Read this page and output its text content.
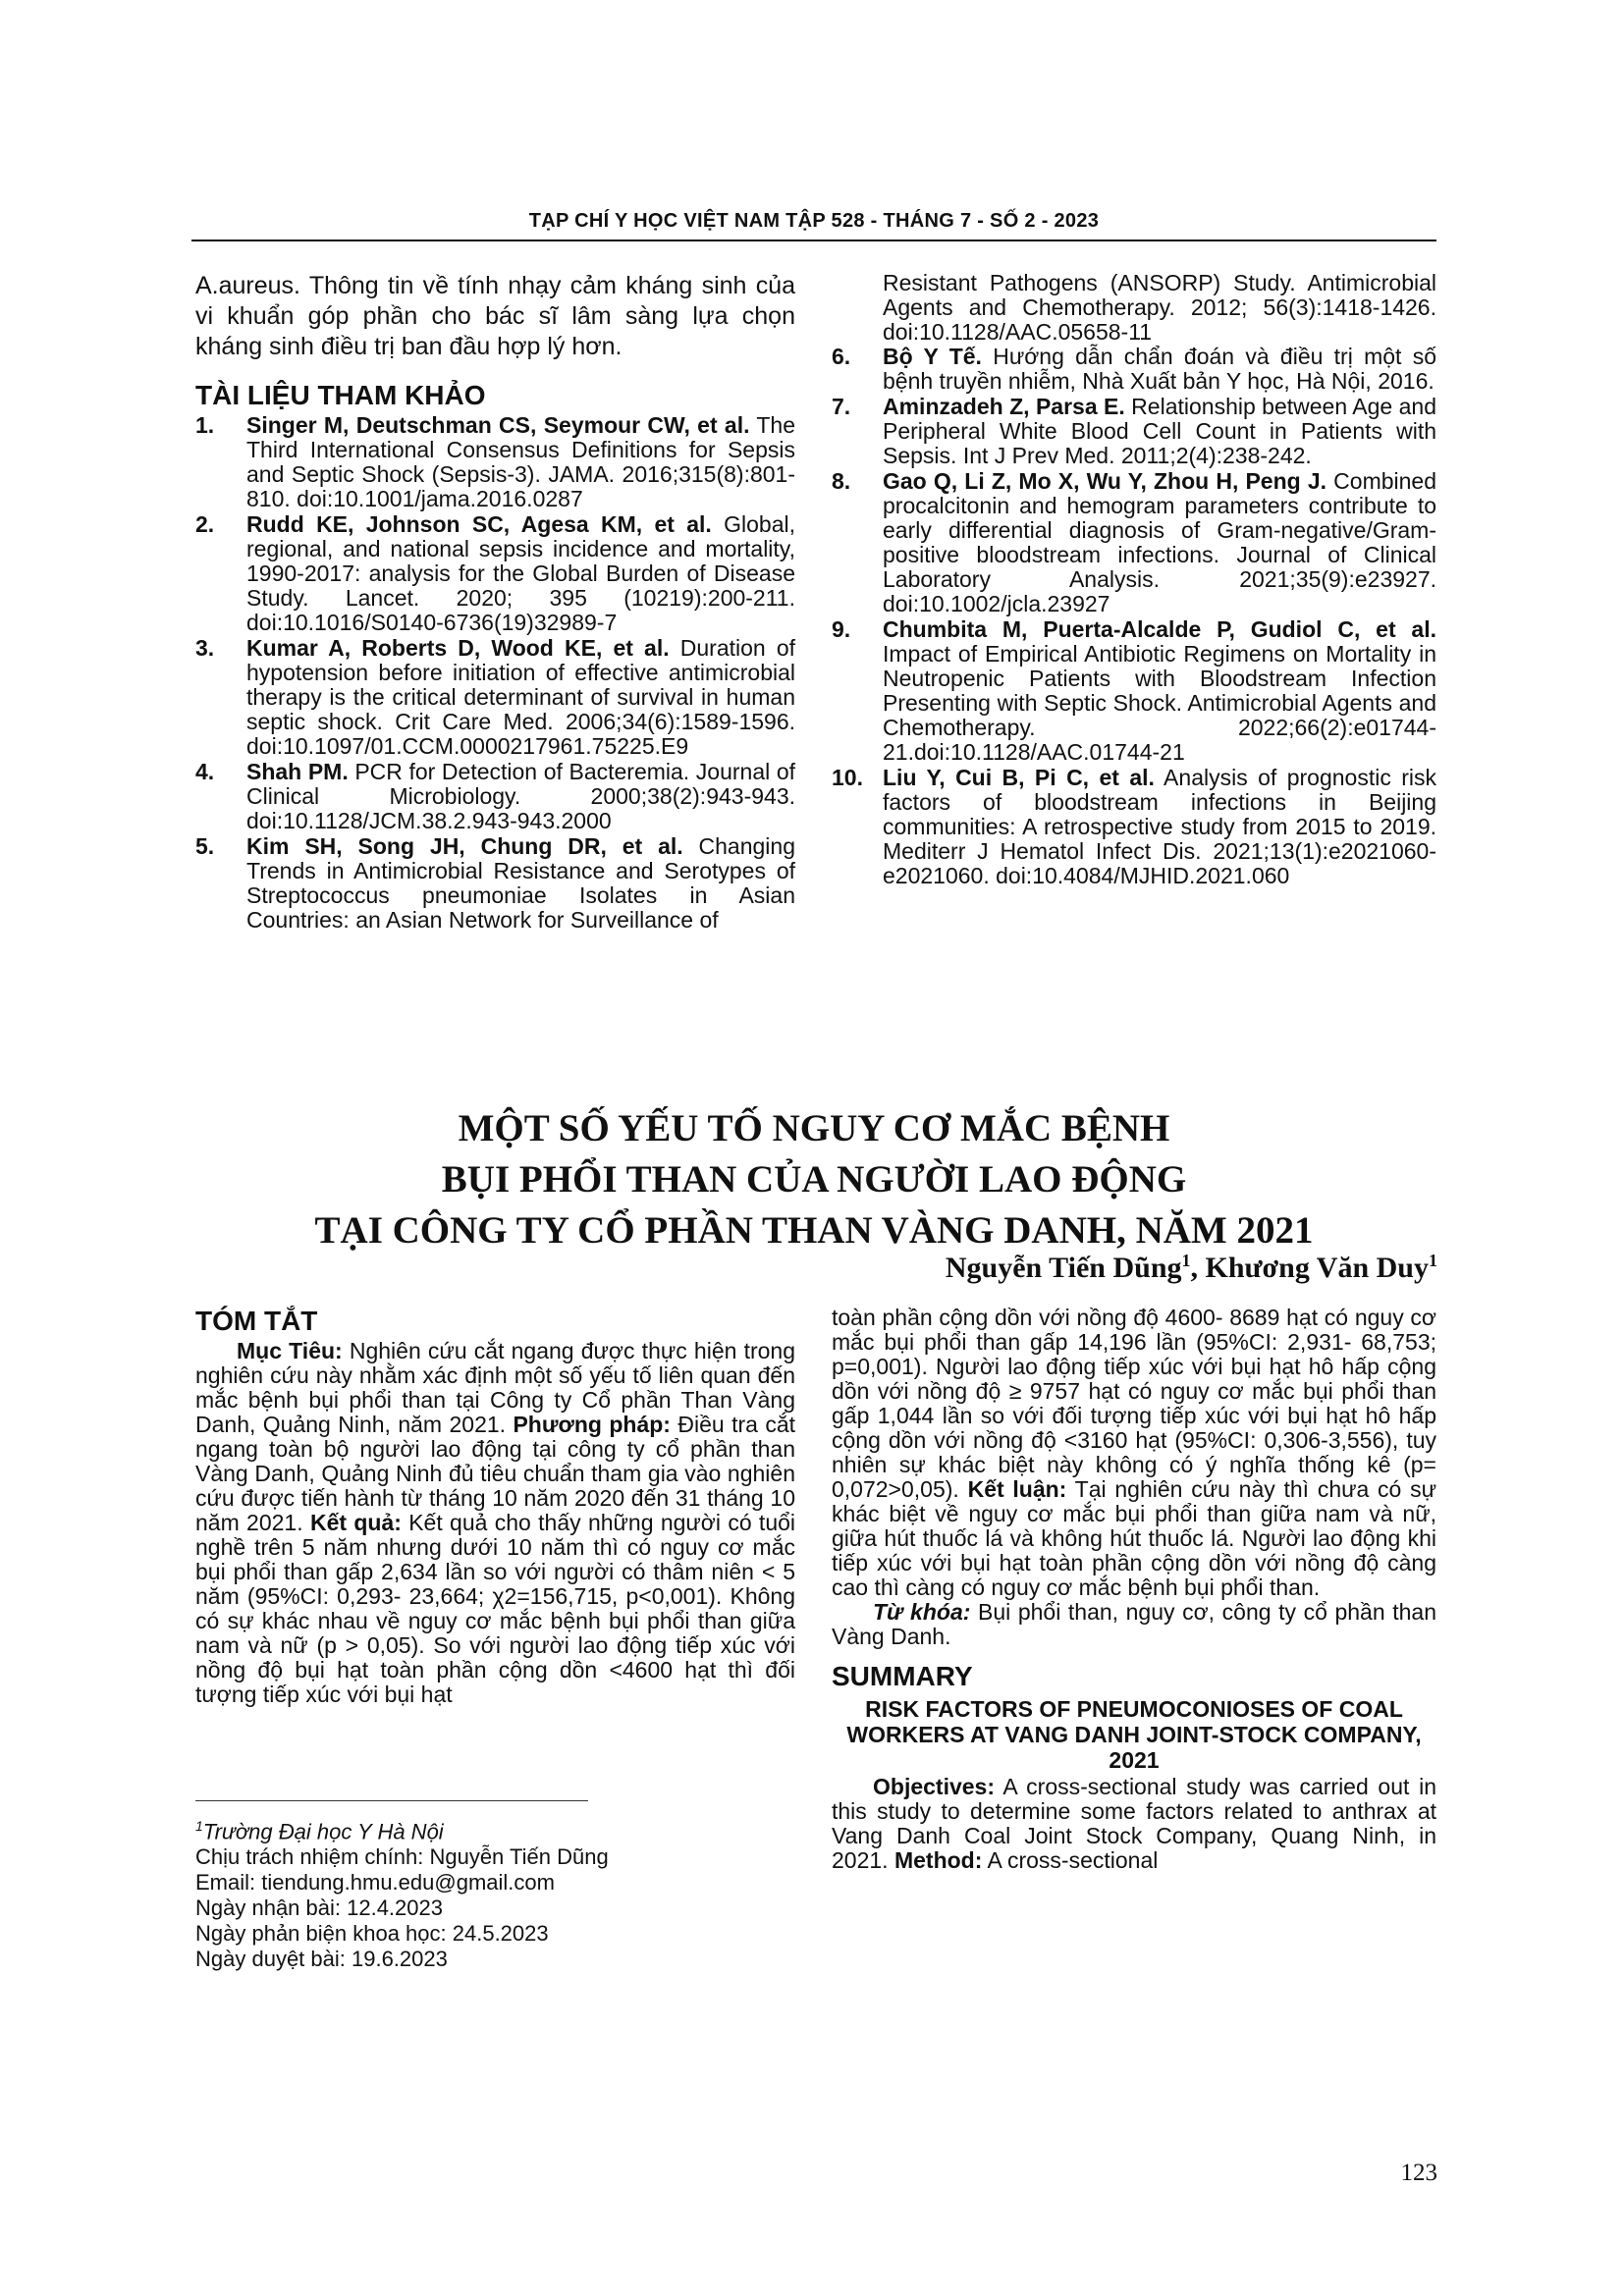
TẠP CHÍ Y HỌC VIỆT NAM TẬP 528 - THÁNG 7 - SỐ 2 - 2023

A.aureus. Thông tin về tính nhạy cảm kháng sinh của vi khuẩn góp phần cho bác sĩ lâm sàng lựa chọn kháng sinh điều trị ban đầu hợp lý hơn.

TÀI LIỆU THAM KHẢO
1. Singer M, Deutschman CS, Seymour CW, et al. The Third International Consensus Definitions for Sepsis and Septic Shock (Sepsis-3). JAMA. 2016;315(8):801-810. doi:10.1001/jama.2016.0287
2. Rudd KE, Johnson SC, Agesa KM, et al. Global, regional, and national sepsis incidence and mortality, 1990-2017: analysis for the Global Burden of Disease Study. Lancet. 2020; 395 (10219):200-211. doi:10.1016/S0140-6736(19)32989-7
3. Kumar A, Roberts D, Wood KE, et al. Duration of hypotension before initiation of effective antimicrobial therapy is the critical determinant of survival in human septic shock. Crit Care Med. 2006;34(6):1589-1596. doi:10.1097/01.CCM.0000217961.75225.E9
4. Shah PM. PCR for Detection of Bacteremia. Journal of Clinical Microbiology. 2000;38(2):943-943. doi:10.1128/JCM.38.2.943-943.2000
5. Kim SH, Song JH, Chung DR, et al. Changing Trends in Antimicrobial Resistance and Serotypes of Streptococcus pneumoniae Isolates in Asian Countries: an Asian Network for Surveillance of

Resistant Pathogens (ANSORP) Study. Antimicrobial Agents and Chemotherapy. 2012; 56(3):1418-1426. doi:10.1128/AAC.05658-11

6. Bộ Y Tế. Hướng dẫn chẩn đoán và điều trị một số bệnh truyền nhiễm, Nhà Xuất bản Y học, Hà Nội, 2016.
7. Aminzadeh Z, Parsa E. Relationship between Age and Peripheral White Blood Cell Count in Patients with Sepsis. Int J Prev Med. 2011;2(4):238-242.
8. Gao Q, Li Z, Mo X, Wu Y, Zhou H, Peng J. Combined procalcitonin and hemogram parameters contribute to early differential diagnosis of Gram-negative/Gram-positive bloodstream infections. Journal of Clinical Laboratory Analysis. 2021;35(9):e23927. doi:10.1002/jcla.23927
9. Chumbita M, Puerta-Alcalde P, Gudiol C, et al. Impact of Empirical Antibiotic Regimens on Mortality in Neutropenic Patients with Bloodstream Infection Presenting with Septic Shock. Antimicrobial Agents and Chemotherapy. 2022;66(2):e01744-21.doi:10.1128/AAC.01744-21
10. Liu Y, Cui B, Pi C, et al. Analysis of prognostic risk factors of bloodstream infections in Beijing communities: A retrospective study from 2015 to 2019. Mediterr J Hematol Infect Dis. 2021;13(1):e2021060-e2021060. doi:10.4084/MJHID.2021.060
MỘT SỐ YẾU TỐ NGUY CƠ MẮC BỆNH
BỤI PHỔI THAN CỦA NGƯỜI LAO ĐỘNG
TẠI CÔNG TY CỔ PHẦN THAN VÀNG DANH, NĂM 2021
Nguyễn Tiến Dũng$^1$, Khương Văn Duy$^1$
TÓM TẮT

Mục Tiêu: Nghiên cứu cắt ngang được thực hiện trong nghiên cứu này nhằm xác định một số yếu tố liên quan đến mắc bệnh bụi phổi than tại Công ty Cổ phần Than Vàng Danh, Quảng Ninh, năm 2021. Phương pháp: Điều tra cắt ngang toàn bộ người lao động tại công ty cổ phần than Vàng Danh, Quảng Ninh đủ tiêu chuẩn tham gia vào nghiên cứu được tiến hành từ tháng 10 năm 2020 đến 31 tháng 10 năm 2021. Kết quả: Kết quả cho thấy những người có tuổi nghề trên 5 năm nhưng dưới 10 năm thì có nguy cơ mắc bụi phổi than gấp 2,634 lần so với người có thâm niên < 5 năm (95%CI: 0,293- 23,664; χ2=156,715, p<0,001). Không có sự khác nhau về nguy cơ mắc bệnh bụi phổi than giữa nam và nữ (p > 0,05). So với người lao động tiếp xúc với nồng độ bụi hạt toàn phần cộng dồn <4600 hạt thì đối tượng tiếp xúc với bụi hạt

toàn phần cộng dồn với nồng độ 4600- 8689 hạt có nguy cơ mắc bụi phổi than gấp 14,196 lần (95%CI: 2,931- 68,753; p=0,001). Người lao động tiếp xúc với bụi hạt hô hấp cộng dồn với nồng độ ≥ 9757 hạt có nguy cơ mắc bụi phổi than gấp 1,044 lần so với đối tượng tiếp xúc với bụi hạt hô hấp cộng dồn với nồng độ <3160 hạt (95%CI: 0,306-3,556), tuy nhiên sự khác biệt này không có ý nghĩa thống kê (p= 0,072>0,05). Kết luận: Tại nghiên cứu này thì chưa có sự khác biệt về nguy cơ mắc bụi phổi than giữa nam và nữ, giữa hút thuốc lá và không hút thuốc lá. Người lao động khi tiếp xúc với bụi hạt toàn phần cộng dồn với nồng độ càng cao thì càng có nguy cơ mắc bệnh bụi phổi than.

Từ khóa: Bụi phổi than, nguy cơ, công ty cổ phần than Vàng Danh.

SUMMARY
RISK FACTORS OF PNEUMOCONIOSES OF COAL WORKERS AT VANG DANH JOINT-STOCK COMPANY, 2021

Objectives: A cross-sectional study was carried out in this study to determine some factors related to anthrax at Vang Danh Coal Joint Stock Company, Quang Ninh, in 2021. Method: A cross-sectional

$^1$Trường Đại học Y Hà Nội
Chịu trách nhiệm chính: Nguyễn Tiến Dũng
Email: tiendung.hmu.edu@gmail.com
Ngày nhận bài: 12.4.2023
Ngày phản biện khoa học: 24.5.2023
Ngày duyệt bài: 19.6.2023
123
